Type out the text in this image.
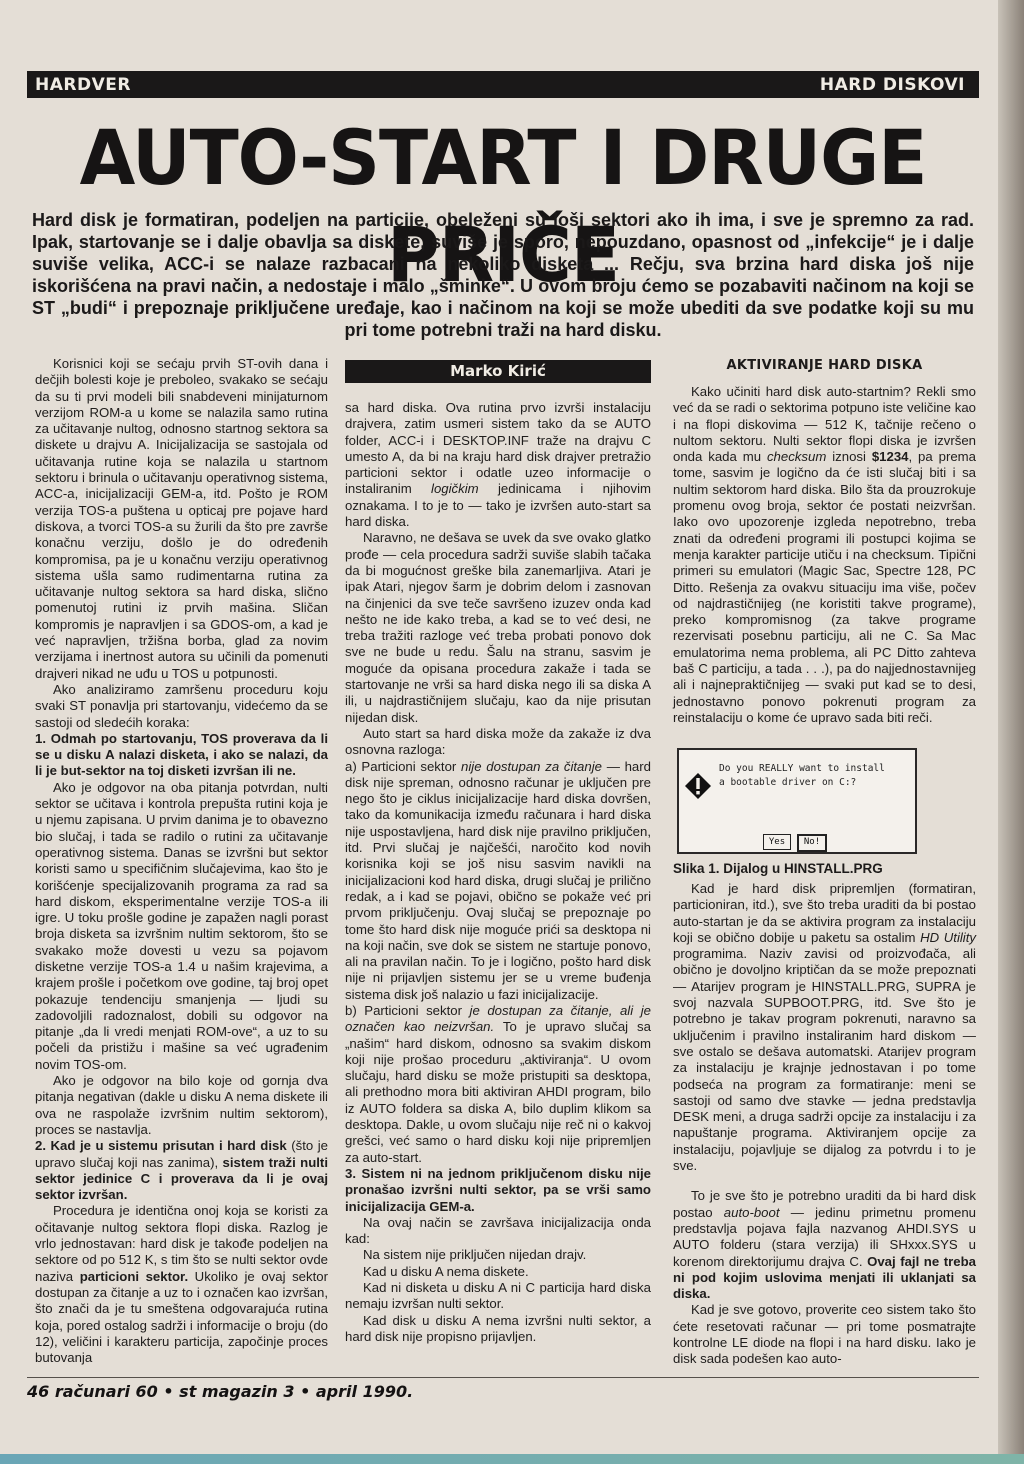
HARDVER	HARD DISKOVI
AUTO-START I DRUGE PRIČE
Hard disk je formatiran, podeljen na particije, obeleženi su loši sektori ako ih ima, i sve je spremno za rad. Ipak, startovanje se i dalje obavlja sa diskete, suviše je sporo, nepouzdano, opasnost od „infekcije“ je i dalje suviše velika, ACC-i se nalaze razbacani na nekoliko disketa ... Rečju, sva brzina hard diska još nije iskorišćena na pravi način, a nedostaje i malo „šminke“. U ovom broju ćemo se pozabaviti načinom na koji se ST „budi“ i prepoznaje priključene uređaje, kao i načinom na koji se može ubediti da sve podatke koji su mu pri tome potrebni traži na hard disku.

Korisnici koji se sećaju prvih ST-ovih dana i dečjih bolesti koje je preboleo, svakako se sećaju da su ti prvi modeli bili snabdeveni minijaturnom verzijom ROM-a u kome se nalazila samo rutina za učitavanje nultog, odnosno startnog sektora sa diskete u drajvu A. Inicijalizacija se sastojala od učitavanja rutine koja se nalazila u startnom sektoru i brinula o učitavanju operativnog sistema, ACC-a, inicijalizaciji GEM-a, itd. Pošto je ROM verzija TOS-a puštena u opticaj pre pojave hard diskova, a tvorci TOS-a su žurili da što pre završe konačnu verziju, došlo je do određenih kompromisa, pa je u konačnu verziju operativnog sistema ušla samo rudimentarna rutina za učitavanje nultog sektora sa hard diska, slično pomenutoj rutini iz prvih mašina. Sličan kompromis je napravljen i sa GDOS-om, a kad je već napravljen, tržišna borba, glad za novim verzijama i inertnost autora su učinili da pomenuti drajveri nikad ne uđu u TOS u potpunosti.

Ako analiziramo zamršenu proceduru koju svaki ST ponavlja pri startovanju, videćemo da se sastoji od sledećih koraka:

1. Odmah po startovanju, TOS proverava da li se u disku A nalazi disketa, i ako se nalazi, da li je but-sektor na toj disketi izvršan ili ne.

Ako je odgovor na oba pitanja potvrdan, nulti sektor se učitava i kontrola prepušta rutini koja je u njemu zapisana. U prvim danima je to obavezno bio slučaj, i tada se radilo o rutini za učitavanje operativnog sistema. Danas se izvršni but sektor koristi samo u specifičnim slučajevima, kao što je korišćenje specijalizovanih programa za rad sa hard diskom, eksperimentalne verzije TOS-a ili igre. U toku prošle godine je zapažen nagli porast broja disketa sa izvršnim nultim sektorom, što se svakako može dovesti u vezu sa pojavom disketne verzije TOS-a 1.4 u našim krajevima, a krajem prošle i početkom ove godine, taj broj opet pokazuje tendenciju smanjenja — ljudi su zadovoljili radoznalost, dobili su odgovor na pitanje „da li vredi menjati ROM-ove“, a uz to su počeli da pristižu i mašine sa već ugrađenim novim TOS-om.

Ako je odgovor na bilo koje od gornja dva pitanja negativan (dakle u disku A nema diskete ili ova ne raspolaže izvršnim nultim sektorom), proces se nastavlja.

2. Kad je u sistemu prisutan i hard disk (što je upravo slučaj koji nas zanima), sistem traži nulti sektor jedinice C i proverava da li je ovaj sektor izvršan.

Procedura je identična onoj koja se koristi za očitavanje nultog sektora flopi diska. Razlog je vrlo jednostavan: hard disk je takođe podeljen na sektore od po 512 K, s tim što se nulti sektor ovde naziva particioni sektor. Ukoliko je ovaj sektor dostupan za čitanje a uz to i označen kao izvršan, što znači da je tu smeštena odgovarajuća rutina koja, pored ostalog sadrži i informacije o broju (do 12), veličini i karakteru particija, započinje proces butovanja

Marko Kirić

sa hard diska. Ova rutina prvo izvrši instalaciju drajvera, zatim usmeri sistem tako da se AUTO folder, ACC-i i DESKTOP.INF traže na drajvu C umesto A, da bi na kraju hard disk drajver pretražio particioni sektor i odatle uzeo informacije o instaliranim logičkim jedinicama i njihovim oznakama. I to je to — tako je izvršen auto-start sa hard diska.

Naravno, ne dešava se uvek da sve ovako glatko prođe — cela procedura sadrži suviše slabih tačaka da bi mogućnost greške bila zanemarljiva. Atari je ipak Atari, njegov šarm je dobrim delom i zasnovan na činjenici da sve teče savršeno izuzev onda kad nešto ne ide kako treba, a kad se to već desi, ne treba tražiti razloge već treba probati ponovo dok sve ne bude u redu. Šalu na stranu, sasvim je moguće da opisana procedura zakaže i tada se startovanje ne vrši sa hard diska nego ili sa diska A ili, u najdrastičnijem slučaju, kao da nije prisutan nijedan disk.

Auto start sa hard diska može da zakaže iz dva osnovna razloga:

a) Particioni sektor nije dostupan za čitanje — hard disk nije spreman, odnosno računar je uključen pre nego što je ciklus inicijalizacije hard diska dovršen, tako da komunikacija između računara i hard diska nije uspostavljena, hard disk nije pravilno priključen, itd. Prvi slučaj je najčešći, naročito kod novih korisnika koji se još nisu sasvim navikli na inicijalizacioni kod hard diska, drugi slučaj je prilično redak, a i kad se pojavi, obično se pokaže već pri prvom priključenju. Ovaj slučaj se prepoznaje po tome što hard disk nije moguće prići sa desktopa ni na koji način, sve dok se sistem ne startuje ponovo, ali na pravilan način. To je i logično, pošto hard disk nije ni prijavljen sistemu jer se u vreme buđenja sistema disk još nalazio u fazi inicijalizacije.

b) Particioni sektor je dostupan za čitanje, ali je označen kao neizvršan. To je upravo slučaj sa „našim“ hard diskom, odnosno sa svakim diskom koji nije prošao proceduru „aktiviranja“. U ovom slučaju, hard disku se može pristupiti sa desktopa, ali prethodno mora biti aktiviran AHDI program, bilo iz AUTO foldera sa diska A, bilo duplim klikom sa desktopa. Dakle, u ovom slučaju nije reč ni o kakvoj grešci, već samo o hard disku koji nije pripremljen za auto-start.

3. Sistem ni na jednom priključenom disku nije pronašao izvršni nulti sektor, pa se vrši samo inicijalizacija GEM-a.

Na ovaj način se završava inicijalizacija onda kad:

Na sistem nije priključen nijedan drajv.

Kad u disku A nema diskete.

Kad ni disketa u disku A ni C particija hard diska nemaju izvršan nulti sektor.

Kad disk u disku A nema izvršni nulti sektor, a hard disk nije propisno prijavljen.

AKTIVIRANJE HARD DISKA

Kako učiniti hard disk auto-startnim? Rekli smo već da se radi o sektorima potpuno iste veličine kao i na flopi diskovima — 512 K, tačnije rečeno o nultom sektoru. Nulti sektor flopi diska je izvršen onda kada mu checksum iznosi $1234, pa prema tome, sasvim je logično da će isti slučaj biti i sa nultim sektorom hard diska. Bilo šta da prouzrokuje promenu ovog broja, sektor će postati neizvršan. Iako ovo upozorenje izgleda nepotrebno, treba znati da određeni programi ili postupci kojima se menja karakter particije utiču i na checksum. Tipični primeri su emulatori (Magic Sac, Spectre 128, PC Ditto. Rešenja za ovakvu situaciju ima više, počev od najdrastičnijeg (ne koristiti takve programe), preko kompromisnog (za takve programe rezervisati posebnu particiju, ali ne C. Sa Mac emulatorima nema problema, ali PC Ditto zahteva baš C particiju, a tada . . .), pa do najjednostavnijeg ali i najnepraktičnijeg — svaki put kad se to desi, jednostavno ponovo pokrenuti program za reinstalaciju o kome će upravo sada biti reči.

Do you REALLY want to install
a bootable driver on C:?
Yes	No!
Slika 1. Dijalog u HINSTALL.PRG

Kad je hard disk pripremljen (formatiran, particioniran, itd.), sve što treba uraditi da bi postao auto-startan je da se aktivira program za instalaciju koji se obično dobije u paketu sa ostalim HD Utility programima. Naziv zavisi od proizvođača, ali obično je dovoljno kriptičan da se može prepoznati — Atarijev program je HINSTALL.PRG, SUPRA je svoj nazvala SUPBOOT.PRG, itd. Sve što je potrebno je takav program pokrenuti, naravno sa uključenim i pravilno instaliranim hard diskom — sve ostalo se dešava automatski. Atarijev program za instalaciju je krajnje jednostavan i po tome podseća na program za formatiranje: meni se sastoji od samo dve stavke — jedna predstavlja DESK meni, a druga sadrži opcije za instalaciju i za napuštanje programa. Aktiviranjem opcije za instalaciju, pojavljuje se dijalog za potvrdu i to je sve.

To je sve što je potrebno uraditi da bi hard disk postao auto-boot — jedinu primetnu promenu predstavlja pojava fajla nazvanog AHDI.SYS u AUTO folderu (stara verzija) ili SHxxx.SYS u korenom direktorijumu drajva C. Ovaj fajl ne treba ni pod kojim uslovima menjati ili uklanjati sa diska.

Kad je sve gotovo, proverite ceo sistem tako što ćete resetovati računar — pri tome posmatrajte kontrolne LE diode na flopi i na hard disku. Iako je disk sada podešen kao auto-

46 računari 60 • st magazin 3 • april 1990.
